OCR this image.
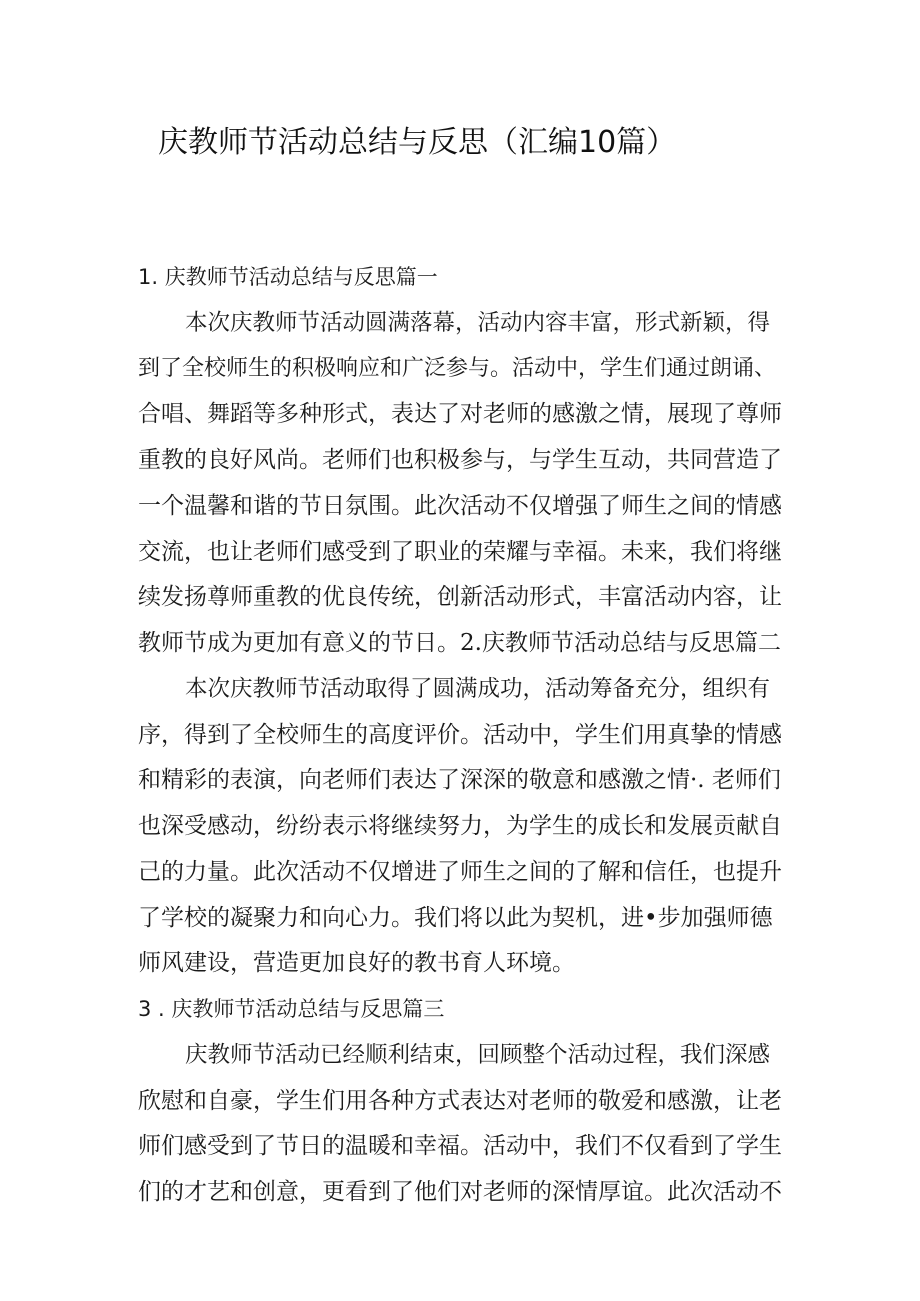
庆教师节活动总结与反思（汇编10篇）

1. 庆教师节活动总结与反思篇一

本次庆教师节活动圆满落幕，活动内容丰富，形式新颖，得

到了全校师生的积极响应和广泛参与。活动中，学生们通过朗诵、

合唱、舞蹈等多种形式，表达了对老师的感激之情，展现了尊师

重教的良好风尚。老师们也积极参与，与学生互动，共同营造了

一个温馨和谐的节日氛围。此次活动不仅增强了师生之间的情感

交流，也让老师们感受到了职业的荣耀与幸福。未来，我们将继

续发扬尊师重教的优良传统，创新活动形式，丰富活动内容，让

教师节成为更加有意义的节日。2.庆教师节活动总结与反思篇二

本次庆教师节活动取得了圆满成功，活动筹备充分，组织有

序，得到了全校师生的高度评价。活动中，学生们用真挚的情感

和精彩的表演，向老师们表达了深深的敬意和感激之情·. 老师们

也深受感动，纷纷表示将继续努力，为学生的成长和发展贡献自

己的力量。此次活动不仅增进了师生之间的了解和信任，也提升

了学校的凝聚力和向心力。我们将以此为契机，进•步加强师德

师风建设，营造更加良好的教书育人环境。

3 . 庆教师节活动总结与反思篇三

庆教师节活动已经顺利结束，回顾整个活动过程，我们深感

欣慰和自豪，学生们用各种方式表达对老师的敬爱和感激，让老

师们感受到了节日的温暖和幸福。活动中，我们不仅看到了学生

们的才艺和创意，更看到了他们对老师的深情厚谊。此次活动不
